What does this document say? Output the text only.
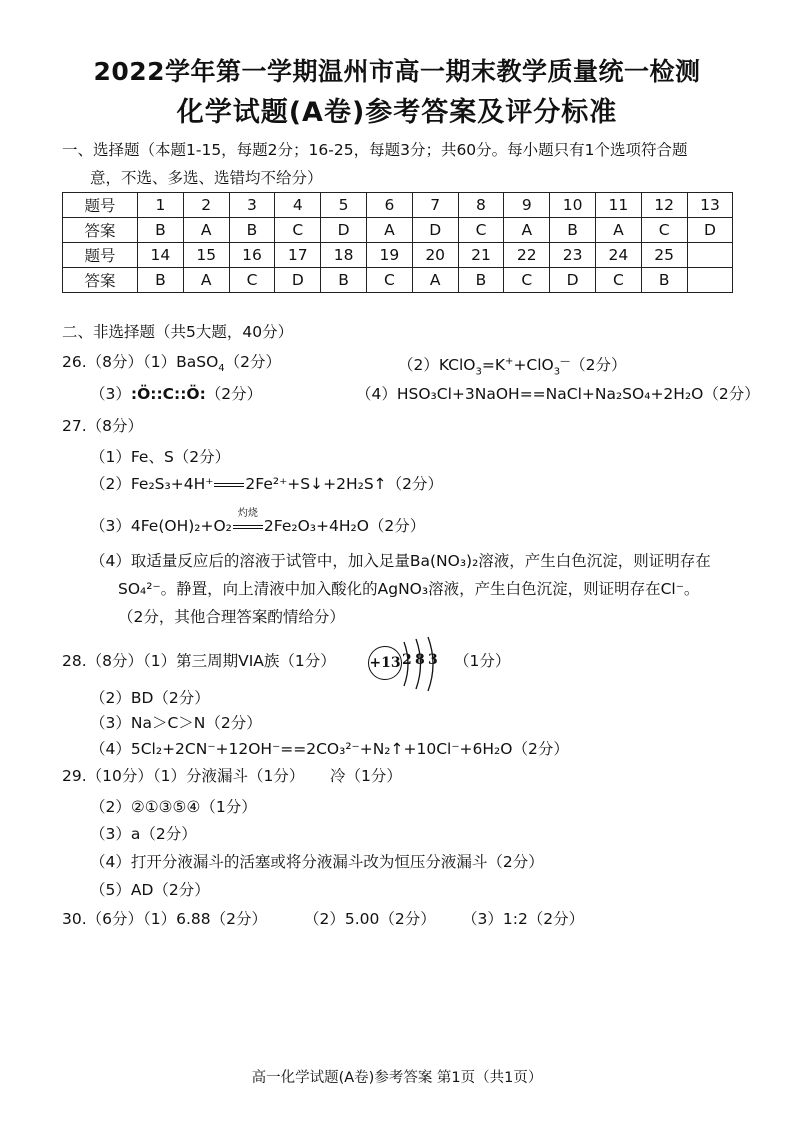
2022学年第一学期温州市高一期末教学质量统一检测
化学试题(A卷)参考答案及评分标准
一、选择题（本题1-15，每题2分；16-25，每题3分；共60分。每小题只有1个选项符合题
意，不选、多选、选错均不给分）
题号	1	2	3	4	5	6	7	8	9	10	11	12	13
答案	B	A	B	C	D	A	D	C	A	B	A	C	D
题号	14	15	16	17	18	19	20	21	22	23	24	25	
答案	B	A	C	D	B	C	A	B	C	D	C	B	
二、非选择题（共5大题，40分）
26.（8分）（1）BaSO$_4$（2分）	（2）KClO$_3$=K++ClO$_3$—（2分）
（3）:Ö::C::Ö:（2分）	（4）HSO₃Cl+3NaOH==NaCl+Na₂SO₄+2H₂O（2分）
27.（8分）
（1）Fe、S（2分）
（2）Fe₂S₃+4H⁺ 2Fe²⁺+S↓+2H₂S↑（2分）
（3）4Fe(OH)₂+O₂
灼烧
2Fe₂O₃+4H₂O（2分）
（4）取适量反应后的溶液于试管中，加入足量Ba(NO₃)₂溶液，产生白色沉淀，则证明存在
SO₄²⁻。静置，向上清液中加入酸化的AgNO₃溶液，产生白色沉淀，则证明存在Cl⁻。
（2分，其他合理答案酌情给分）
28.（8分）（1）第三周期VIA族（1分） +13 2 8 3 （1分）
（2）BD（2分）
（3）Na＞C＞N（2分）
（4）5Cl₂+2CN⁻+12OH⁻==2CO₃²⁻+N₂↑+10Cl⁻+6H₂O（2分）
29.（10分）（1）分液漏斗（1分） 冷（1分）
（2）②①③⑤④（1分）
（3）a（2分）
（4）打开分液漏斗的活塞或将分液漏斗改为恒压分液漏斗（2分）
（5）AD（2分）
30.（6分）（1）6.88（2分） （2）5.00（2分） （3）1:2（2分）
高一化学试题(A卷)参考答案 第1页（共1页）
